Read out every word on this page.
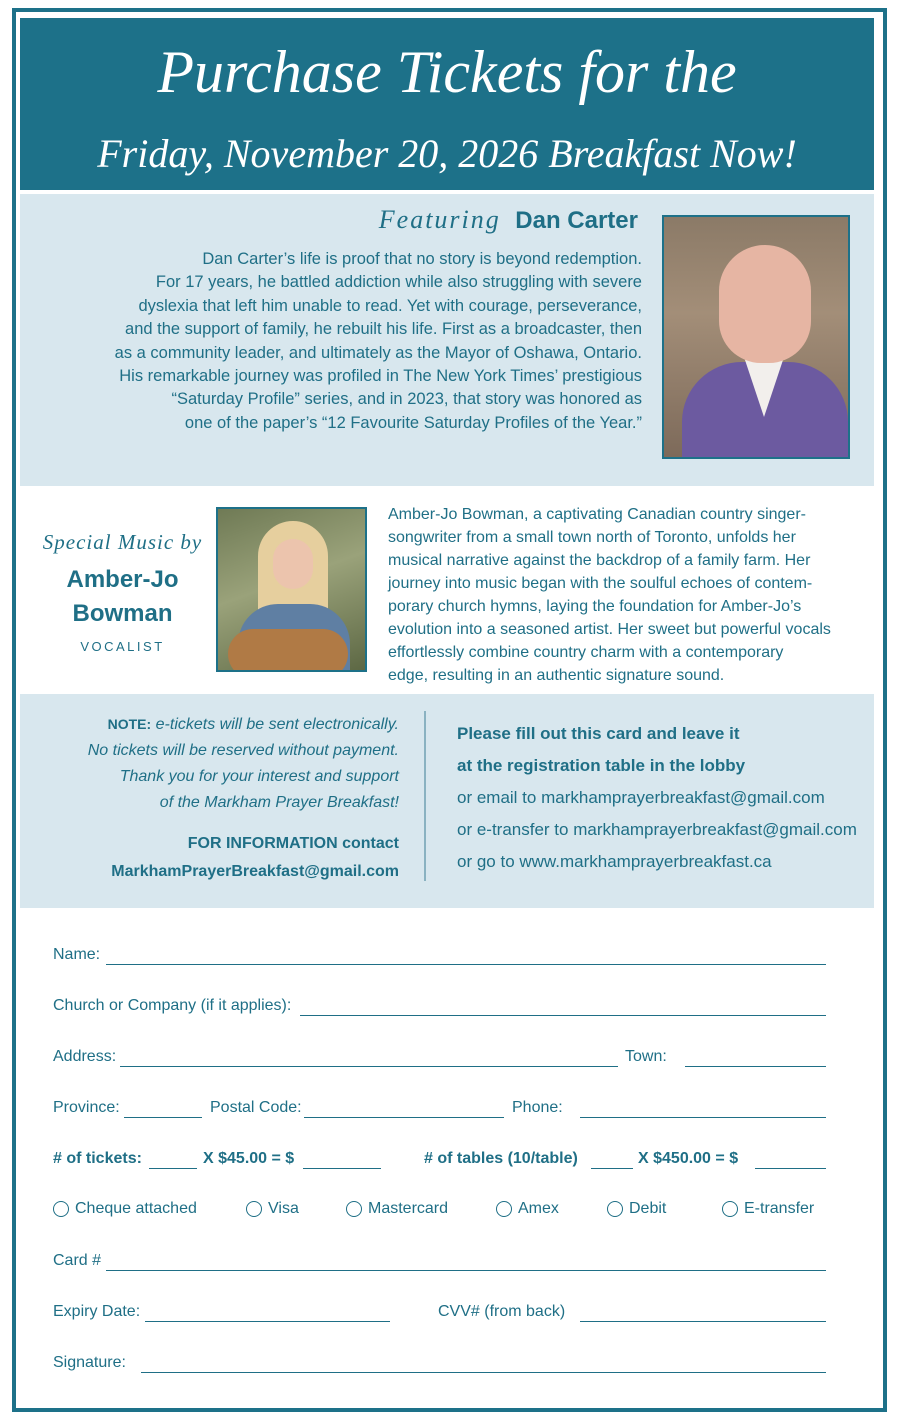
Purchase Tickets for the
Friday, November 20, 2026 Breakfast Now!
Featuring Dan Carter
Dan Carter’s life is proof that no story is beyond redemption.
For 17 years, he battled addiction while also struggling with severe
dyslexia that left him unable to read. Yet with courage, perseverance,
and the support of family, he rebuilt his life. First as a broadcaster, then
as a community leader, and ultimately as the Mayor of Oshawa, Ontario.
His remarkable journey was profiled in The New York Times’ prestigious
“Saturday Profile” series, and in 2023, that story was honored as
one of the paper’s “12 Favourite Saturday Profiles of the Year.”
Special Music by
Amber-Jo
Bowman
VOCALIST
Amber-Jo Bowman, a captivating Canadian country singer-
songwriter from a small town north of Toronto, unfolds her
musical narrative against the backdrop of a family farm. Her
journey into music began with the soulful echoes of contem-
porary church hymns, laying the foundation for Amber-Jo’s
evolution into a seasoned artist. Her sweet but powerful vocals
effortlessly combine country charm with a contemporary
edge, resulting in an authentic signature sound.
NOTE: e-tickets will be sent electronically.
No tickets will be reserved without payment.
Thank you for your interest and support
of the Markham Prayer Breakfast!
FOR INFORMATION contact
MarkhamPrayerBreakfast@gmail.com
Please fill out this card and leave it
at the registration table in the lobby
or email to markhamprayerbreakfast@gmail.com
or e-transfer to markhamprayerbreakfast@gmail.com
or go to www.markhamprayerbreakfast.ca
Name:
Church or Company (if it applies):
Address:	Town:
Province:	Postal Code:	Phone:
# of tickets:	X $45.00 = $	# of tables (10/table)	X $450.00 = $
Cheque attached	Visa	Mastercard	Amex	Debit	E-transfer
Card #
Expiry Date:	CVV# (from back)
Signature:
